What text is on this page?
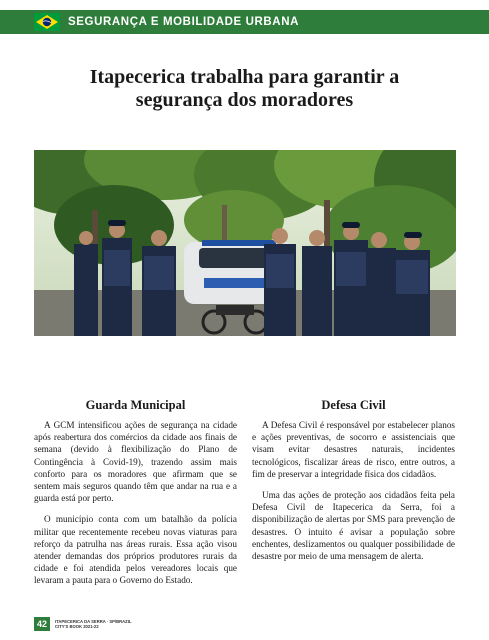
SEGURANÇA E MOBILIDADE URBANA
Itapecerica trabalha para garantir a
segurança dos moradores
Guarda Municipal

A GCM intensificou ações de segurança na cidade após reabertura dos comércios da cidade aos finais de semana (devido à flexibilização do Plano de Contingência à Covid-19), trazendo assim mais conforto para os moradores que afirmam que se sentem mais seguros quando têm que andar na rua e a guarda está por perto.

O município conta com um batalhão da polícia militar que recentemente recebeu novas viaturas para reforço da patrulha nas áreas rurais. Essa ação visou atender demandas dos próprios produtores rurais da cidade e foi atendida pelos vereadores locais que levaram a pauta para o Governo do Estado.

Defesa Civil

A Defesa Civil é responsável por estabelecer planos e ações preventivas, de socorro e assistenciais que visam evitar desastres naturais, incidentes tecnológicos, fiscalizar áreas de risco, entre outros, a fim de preservar a integridade física dos cidadãos.

Uma das ações de proteção aos cidadãos feita pela Defesa Civil de Itapecerica da Serra, foi a disponibilização de alertas por SMS para prevenção de desastres. O intuito é avisar a população sobre enchentes, deslizamentos ou qualquer possibilidade de desastre por meio de uma mensagem de alerta.

42	ITAPECERICA DA SERRA · SP/BRAZIL
CITY'S BOOK 2021-22
